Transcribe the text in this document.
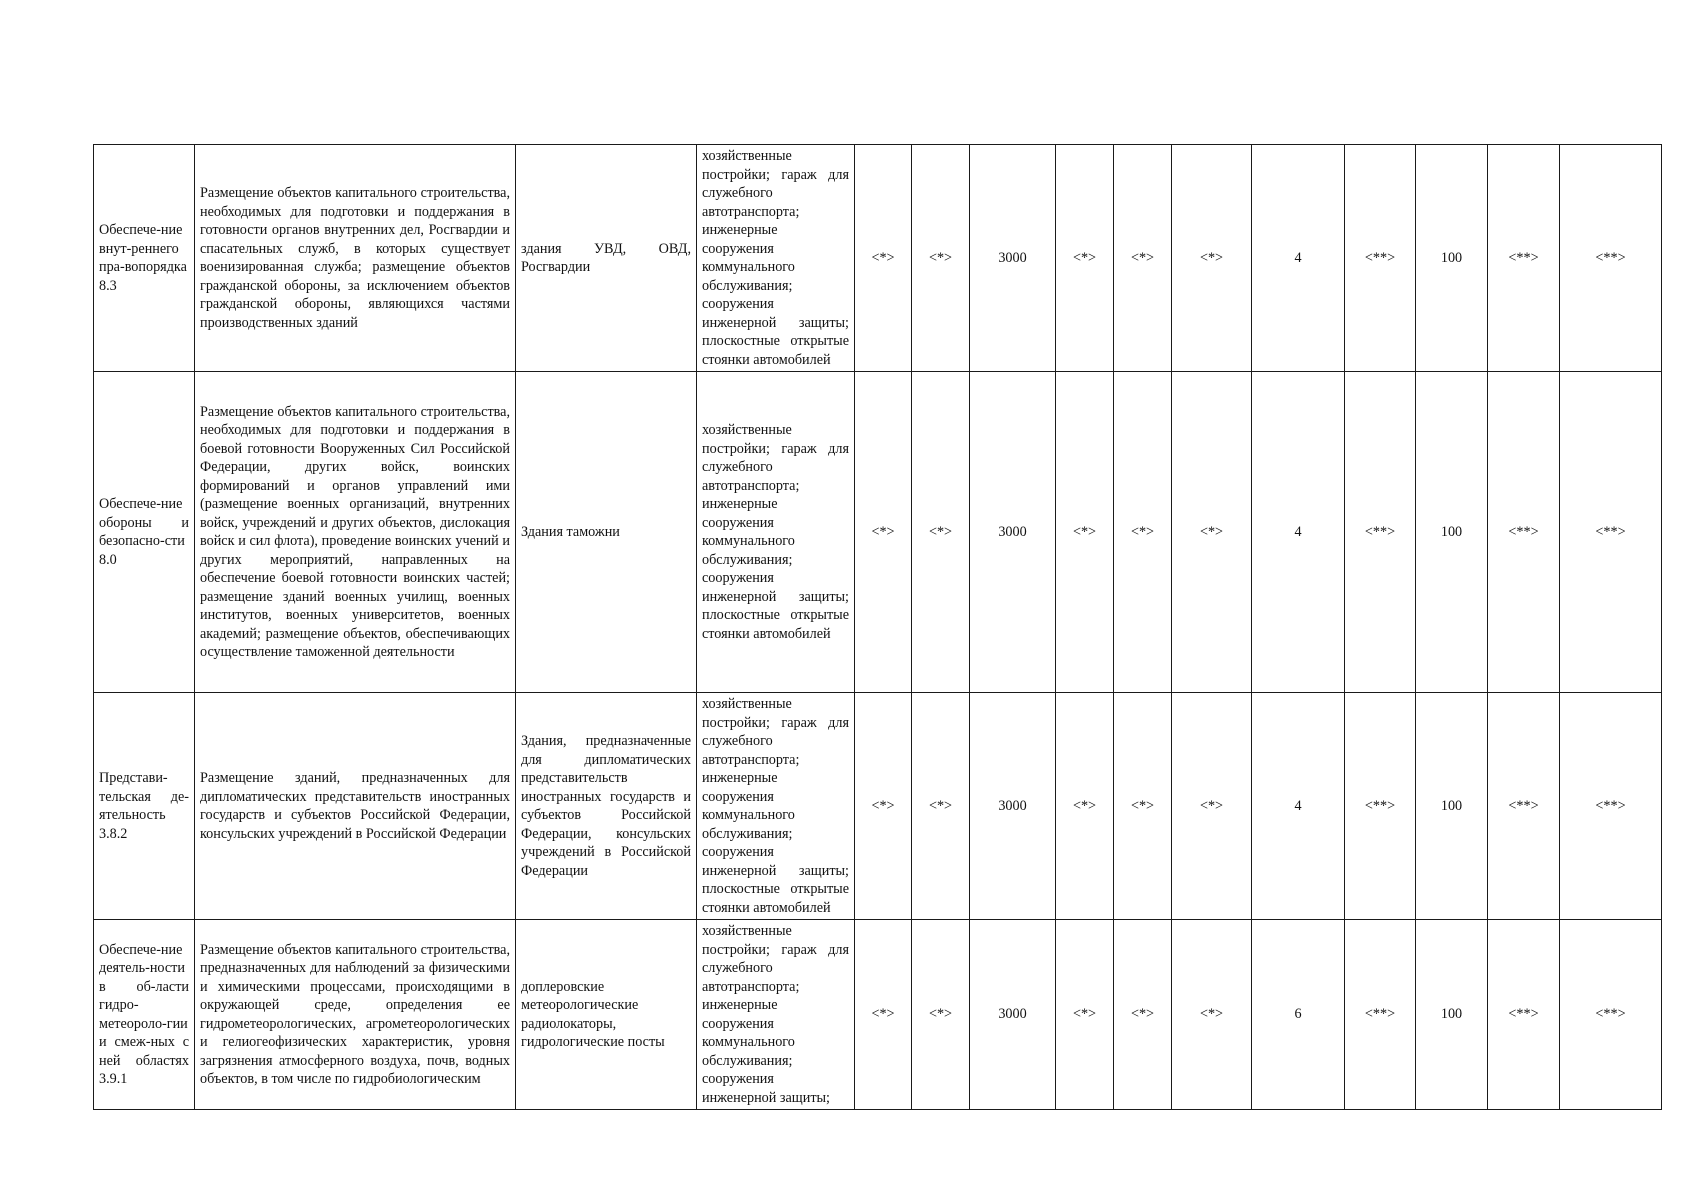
Обеспече-ние внут-реннего пра-вопорядка 8.3	Размещение объектов капитального строительства, необходимых для подготовки и поддержания в готовности органов внутренних дел, Росгвардии и спасательных служб, в которых существует военизированная служба; размещение объектов гражданской обороны, за исключением объектов гражданской обороны, являющихся частями производственных зданий	здания УВД, ОВД, Росгвардии	хозяйственные постройки; гараж для служебного автотранспорта; инженерные сооружения коммунального обслуживания; сооружения инженерной защиты; плоскостные открытые стоянки автомобилей	<*>	<*>	3000	<*>	<*>	<*>	4	<**>	100	<**>	<**>
Обеспече-ние обороны и безопасно-сти 8.0	Размещение объектов капитального строительства, необходимых для подготовки и поддержания в боевой готовности Вооруженных Сил Российской Федерации, других войск, воинских формирований и органов управлений ими (размещение военных организаций, внутренних войск, учреждений и других объектов, дислокация войск и сил флота), проведение воинских учений и других мероприятий, направленных на обеспечение боевой готовности воинских частей; размещение зданий военных училищ, военных институтов, военных университетов, военных академий; размещение объектов, обеспечивающих осуществление таможенной деятельности	Здания таможни	хозяйственные постройки; гараж для служебного автотранспорта; инженерные сооружения коммунального обслуживания; сооружения инженерной защиты; плоскостные открытые стоянки автомобилей	<*>	<*>	3000	<*>	<*>	<*>	4	<**>	100	<**>	<**>
Представи-тельская де-ятельность 3.8.2	Размещение зданий, предназначенных для дипломатических представительств иностранных государств и субъектов Российской Федерации, консульских учреждений в Российской Федерации	Здания, предназначенные для дипломатических представительств иностранных государств и субъектов Российской Федерации, консульских учреждений в Российской Федерации	хозяйственные постройки; гараж для служебного автотранспорта; инженерные сооружения коммунального обслуживания; сооружения инженерной защиты; плоскостные открытые стоянки автомобилей	<*>	<*>	3000	<*>	<*>	<*>	4	<**>	100	<**>	<**>
Обеспече-ние деятель-ности в об-ласти гидро-метеороло-гии и смеж-ных с ней областях 3.9.1	Размещение объектов капитального строительства, предназначенных для наблюдений за физическими и химическими процессами, происходящими в окружающей среде, определения ее гидрометеорологических, агрометеорологических и гелиогеофизических характеристик, уровня загрязнения атмосферного воздуха, почв, водных объектов, в том числе по гидробиологическим	доплеровские метеорологические радиолокаторы, гидрологические посты	хозяйственные постройки; гараж для служебного автотранспорта; инженерные сооружения коммунального обслуживания; сооружения инженерной защиты;	<*>	<*>	3000	<*>	<*>	<*>	6	<**>	100	<**>	<**>
